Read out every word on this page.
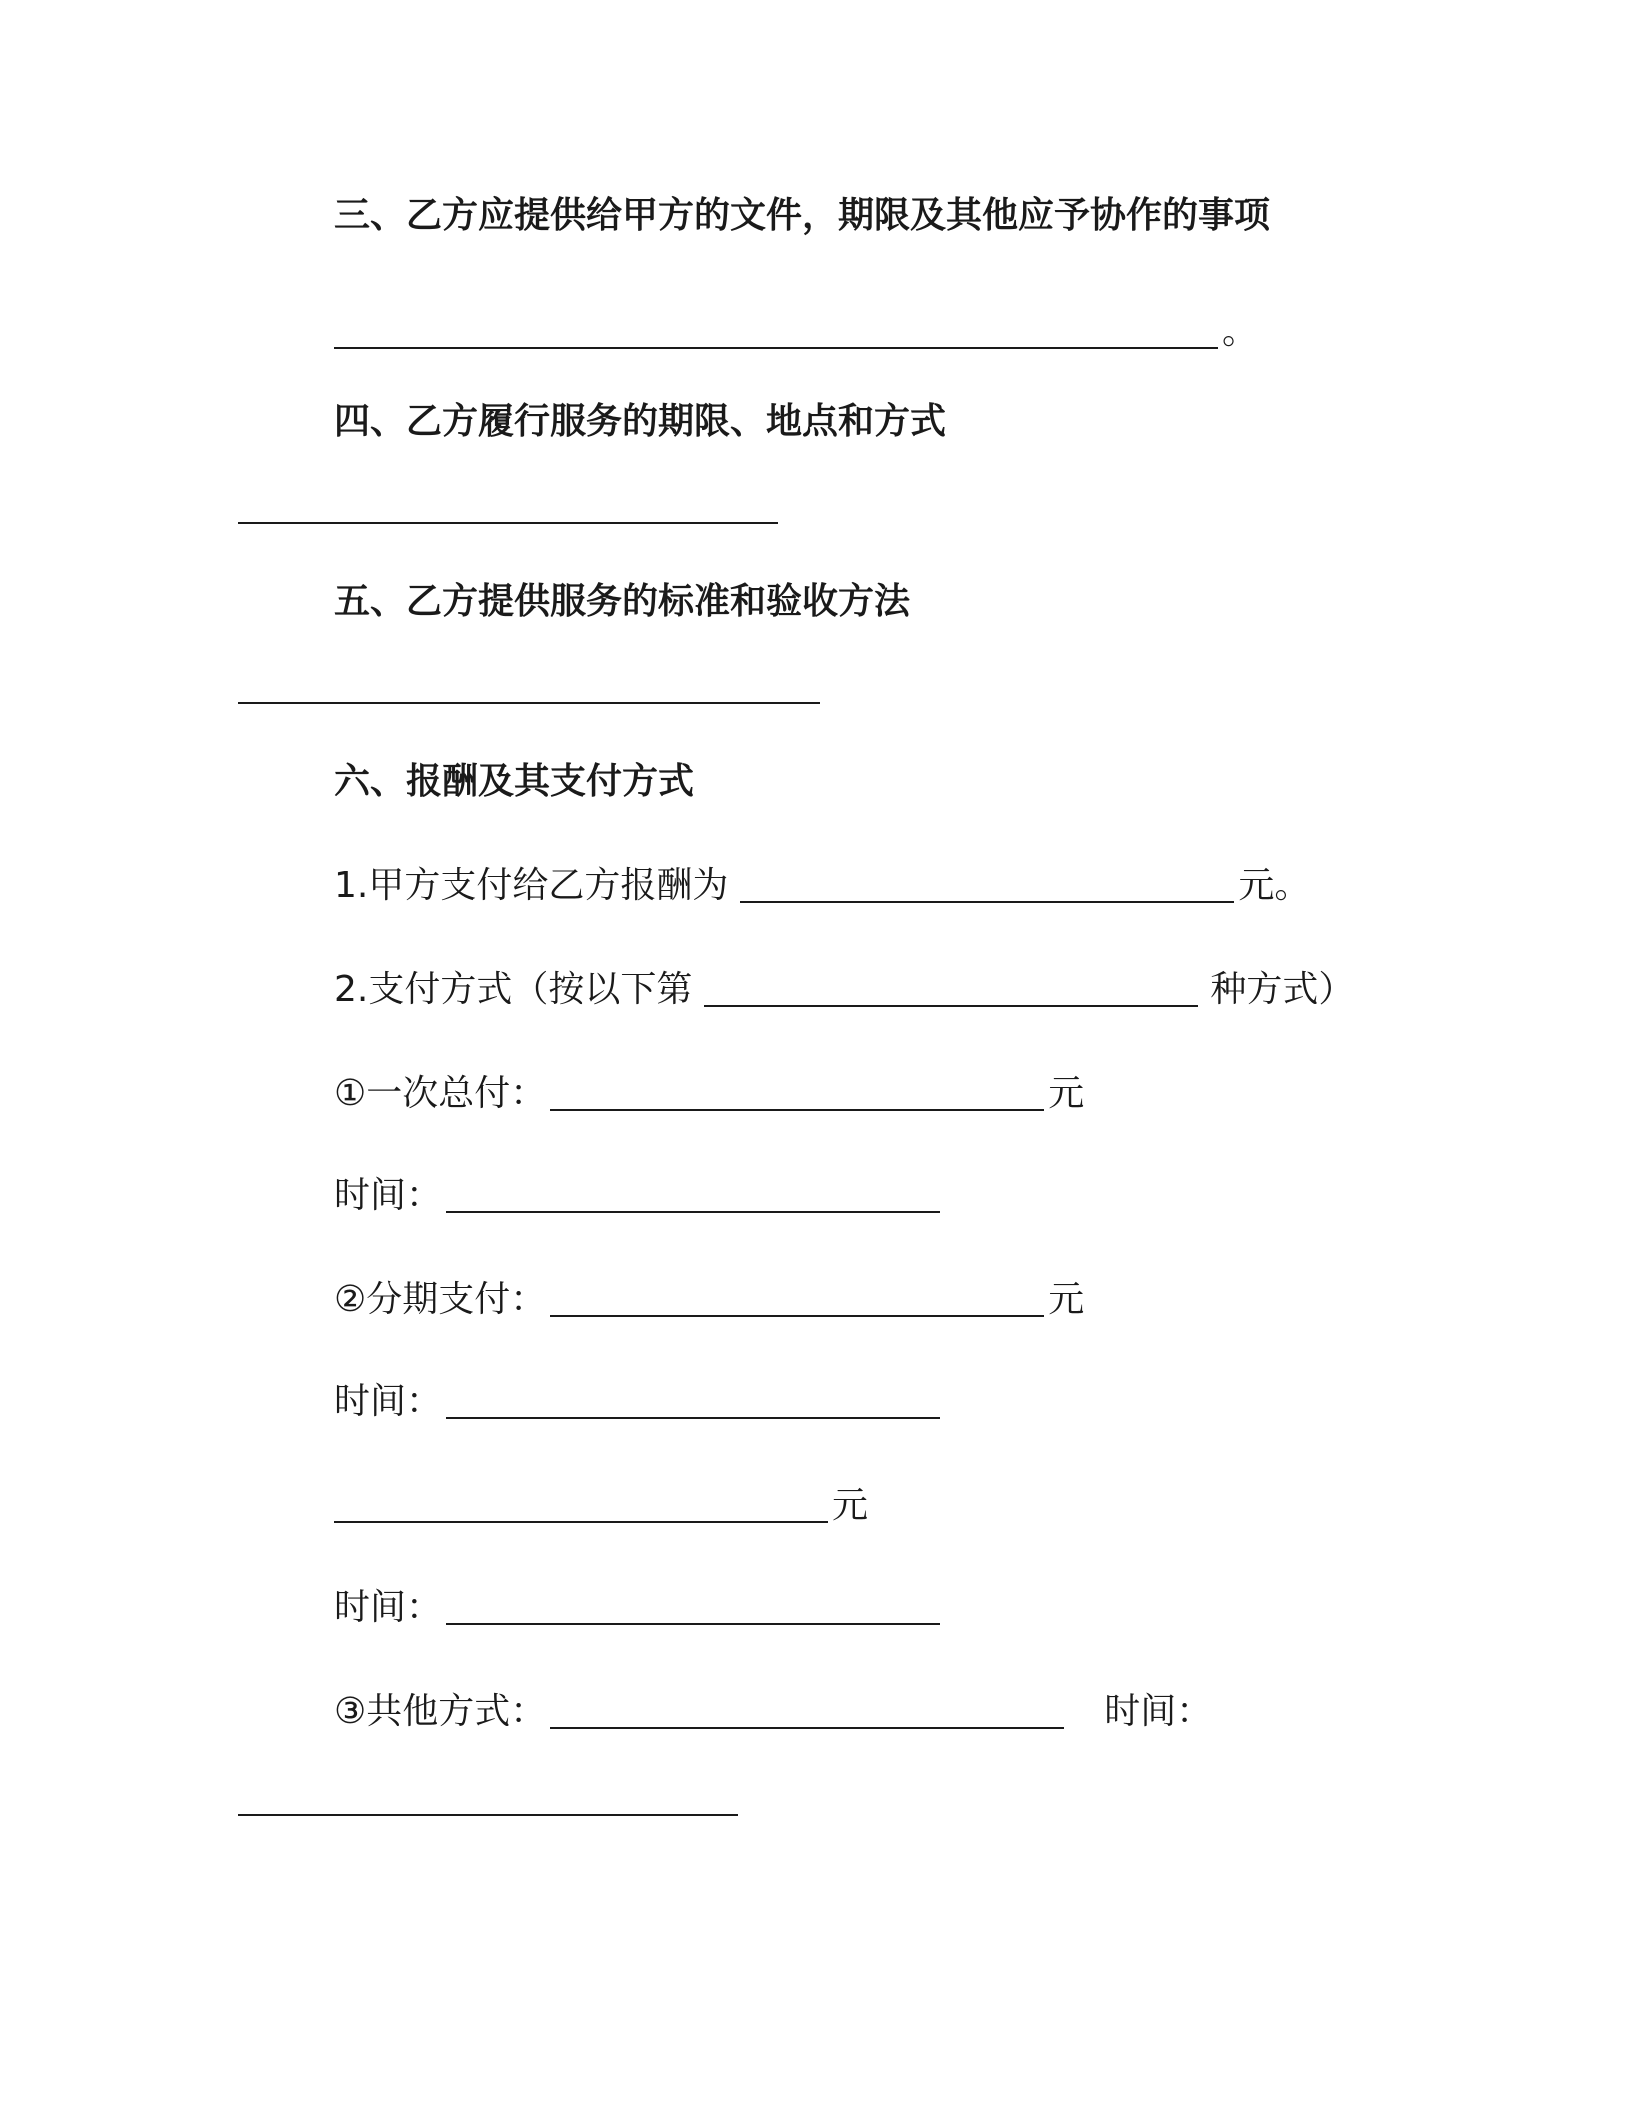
三、乙方应提供给甲方的文件，期限及其他应予协作的事项
。
四、乙方履行服务的期限、地点和方式
五、乙方提供服务的标准和验收方法
六、报酬及其支付方式
1.甲方支付给乙方报酬为	元。
2.支付方式（按以下第	种方式）
①一次总付：	元
时间：
②分期支付：	元
时间：
元
时间：
③共他方式：	时间：
